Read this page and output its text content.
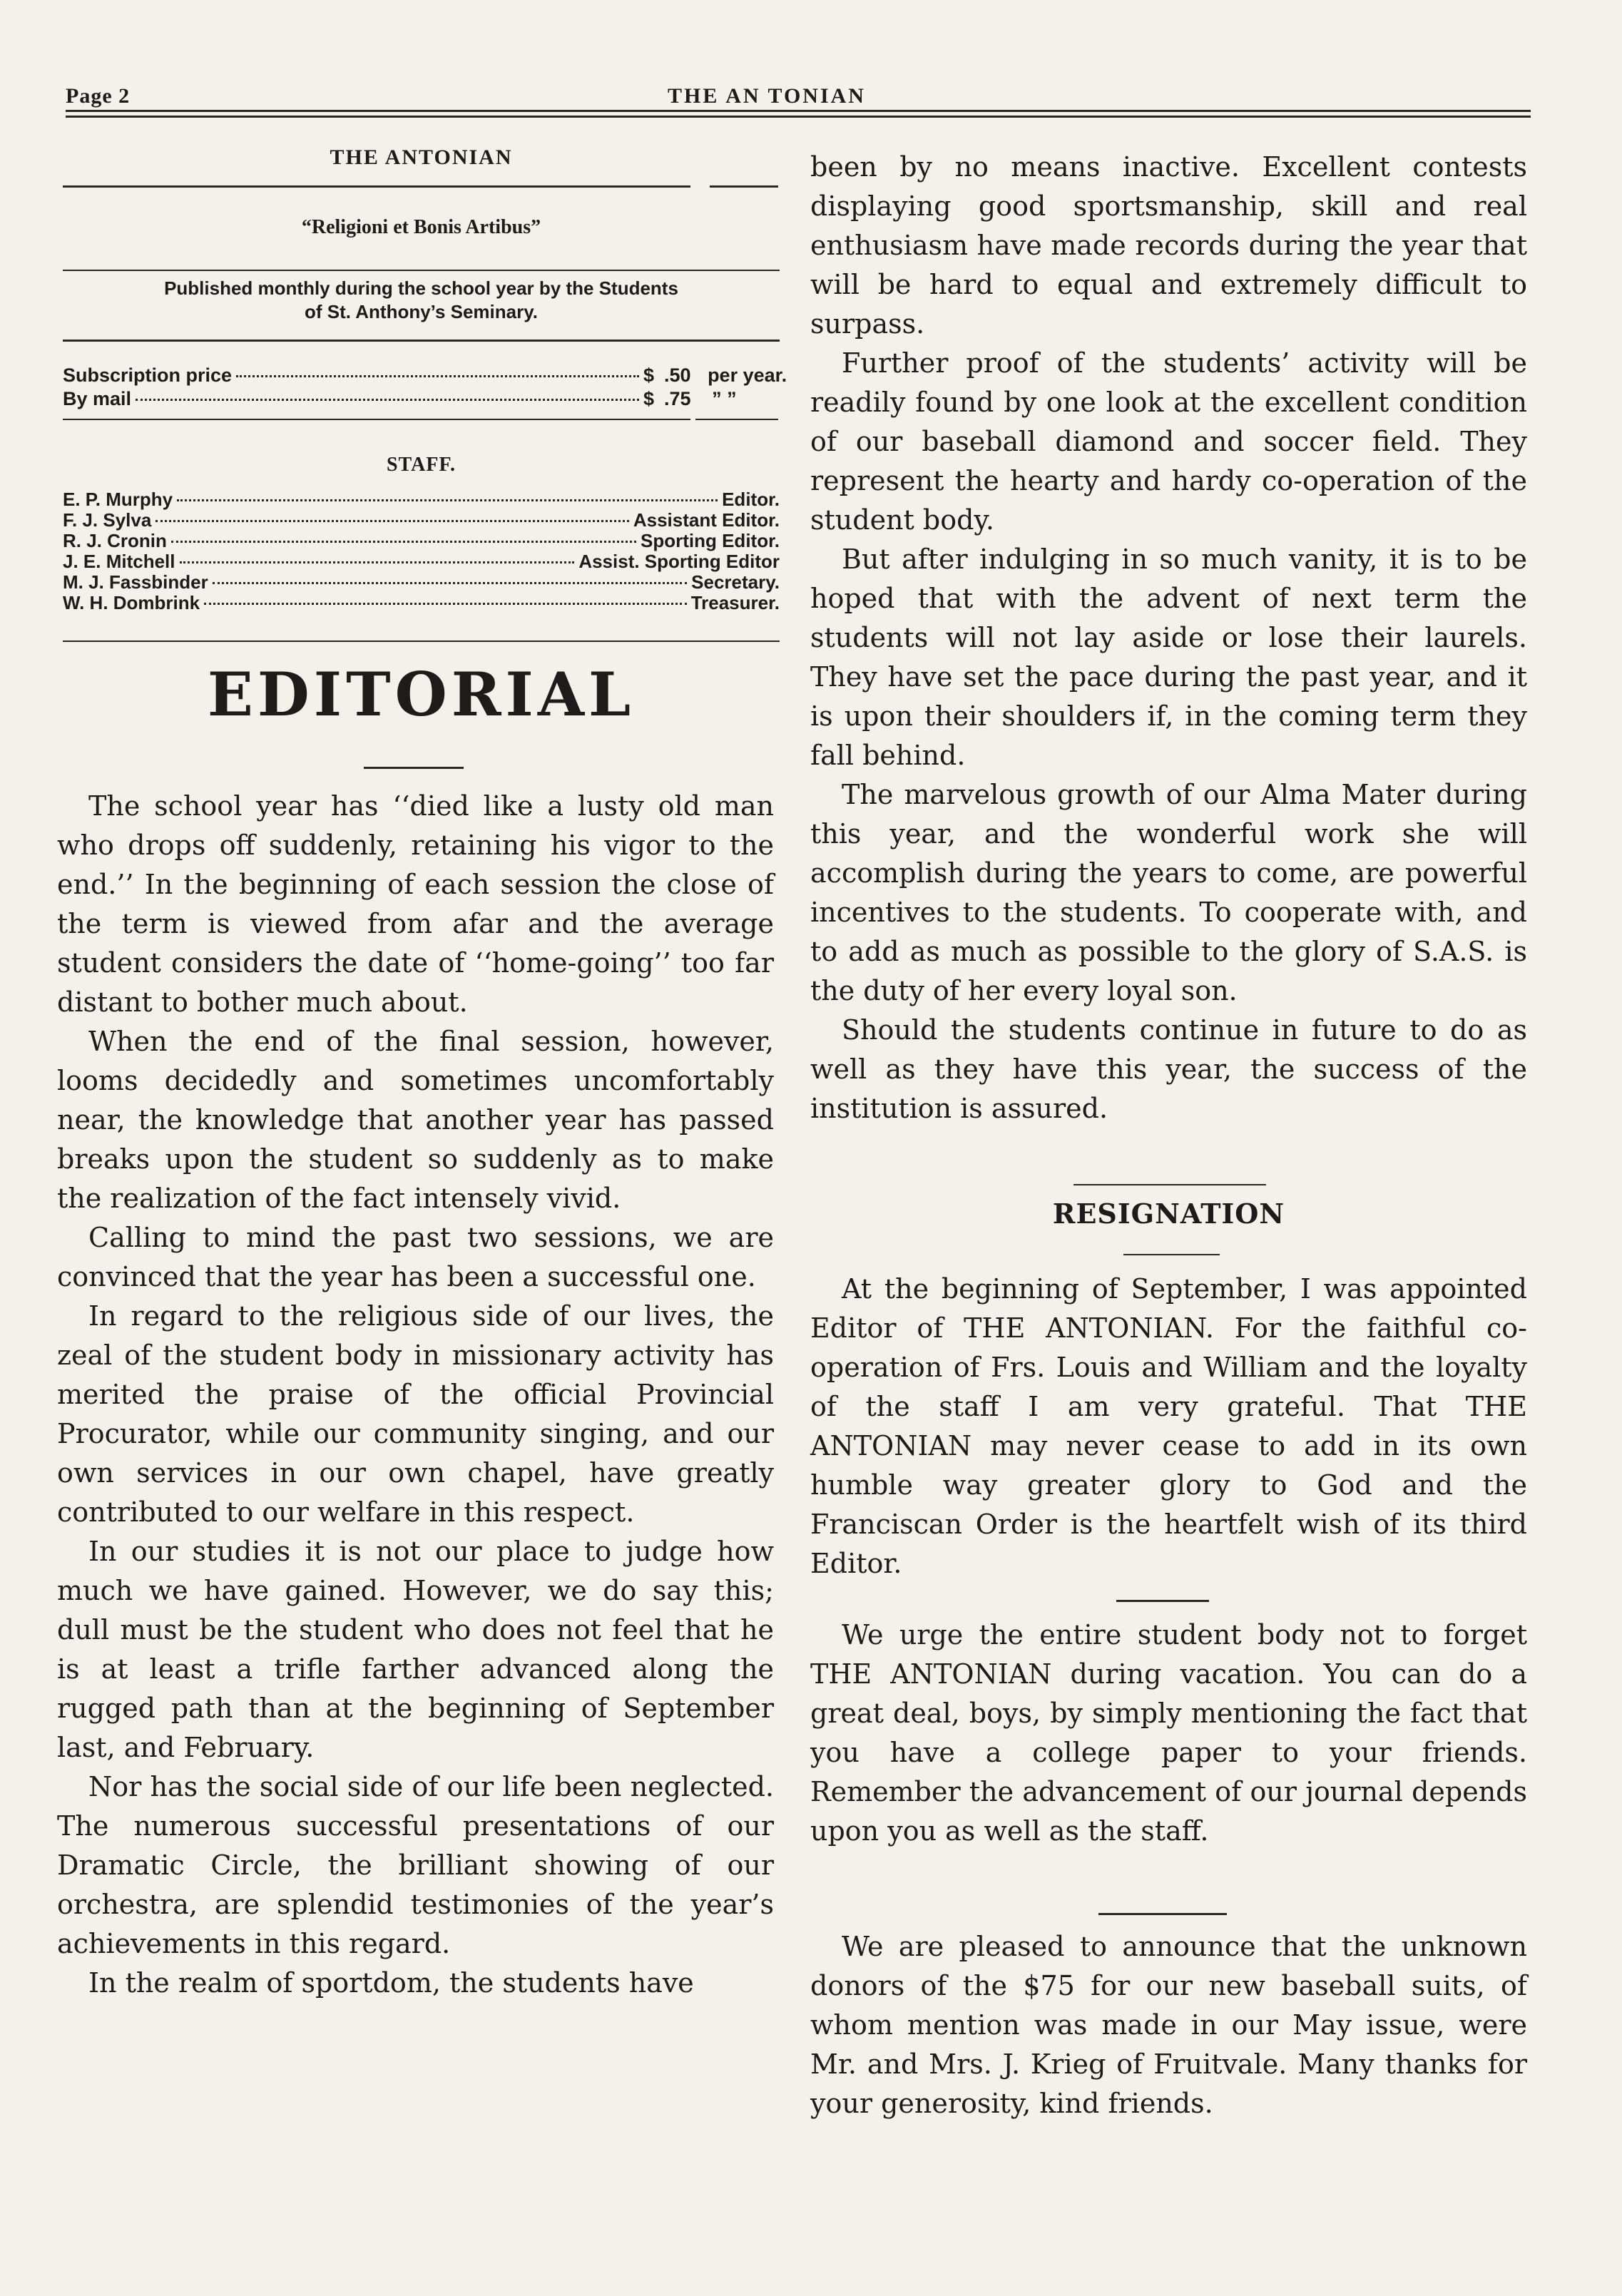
Page 2	THE AN TONIAN
THE ANTONIAN
“Religioni et Bonis Artibus”
Published monthly during the school year by the Students
of St. Anthony’s Seminary.
Subscription price	$ .50 per year.
By mail	$ .75 ” ”
STAFF.
E. P. Murphy	Editor.
F. J. Sylva	Assistant Editor.
R. J. Cronin	Sporting Editor.
J. E. Mitchell	Assist. Sporting Editor
M. J. Fassbinder	Secretary.
W. H. Dombrink	Treasurer.
EDITORIAL

The school year has ‘‘died like a lusty old man who drops off suddenly, retaining his vigor to the end.’’ In the beginning of each session the close of the term is viewed from afar and the average student considers the date of ‘‘home-going’’ too far distant to bother much about.

When the end of the final session, however, looms decidedly and sometimes uncomfortably near, the knowledge that another year has passed breaks upon the student so suddenly as to make the realization of the fact intensely vivid.

Calling to mind the past two sessions, we are convinced that the year has been a successful one.

In regard to the religious side of our lives, the zeal of the student body in missionary activity has merited the praise of the official Provincial Procurator, while our community singing, and our own services in our own chapel, have greatly contributed to our welfare in this respect.

In our studies it is not our place to judge how much we have gained. However, we do say this; dull must be the student who does not feel that he is at least a trifle farther advanced along the rugged path than at the beginning of September last, and February.

Nor has the social side of our life been neglected. The numerous successful presentations of our Dramatic Circle, the brilliant showing of our orchestra, are splendid testimonies of the year’s achievements in this regard.

In the realm of sportdom, the students have

been by no means inactive. Excellent contests displaying good sportsmanship, skill and real enthusiasm have made records during the year that will be hard to equal and extremely difficult to surpass.

Further proof of the students’ activity will be readily found by one look at the excellent condition of our baseball diamond and soccer field. They represent the hearty and hardy co-operation of the student body.

But after indulging in so much vanity, it is to be hoped that with the advent of next term the students will not lay aside or lose their laurels. They have set the pace during the past year, and it is upon their shoulders if, in the coming term they fall behind.

The marvelous growth of our Alma Mater during this year, and the wonderful work she will accomplish during the years to come, are powerful incentives to the students. To cooperate with, and to add as much as possible to the glory of S.A.S. is the duty of her every loyal son.

Should the students continue in future to do as well as they have this year, the success of the institution is assured.

RESIGNATION

At the beginning of September, I was appointed Editor of THE ANTONIAN. For the faithful co-operation of Frs. Louis and William and the loyalty of the staff I am very grateful. That THE ANTONIAN may never cease to add in its own humble way greater glory to God and the Franciscan Order is the heartfelt wish of its third Editor.

We urge the entire student body not to forget THE ANTONIAN during vacation. You can do a great deal, boys, by simply mentioning the fact that you have a college paper to your friends. Remember the advancement of our journal depends upon you as well as the staff.

We are pleased to announce that the unknown donors of the $75 for our new baseball suits, of whom mention was made in our May issue, were Mr. and Mrs. J. Krieg of Fruitvale. Many thanks for your generosity, kind friends.
